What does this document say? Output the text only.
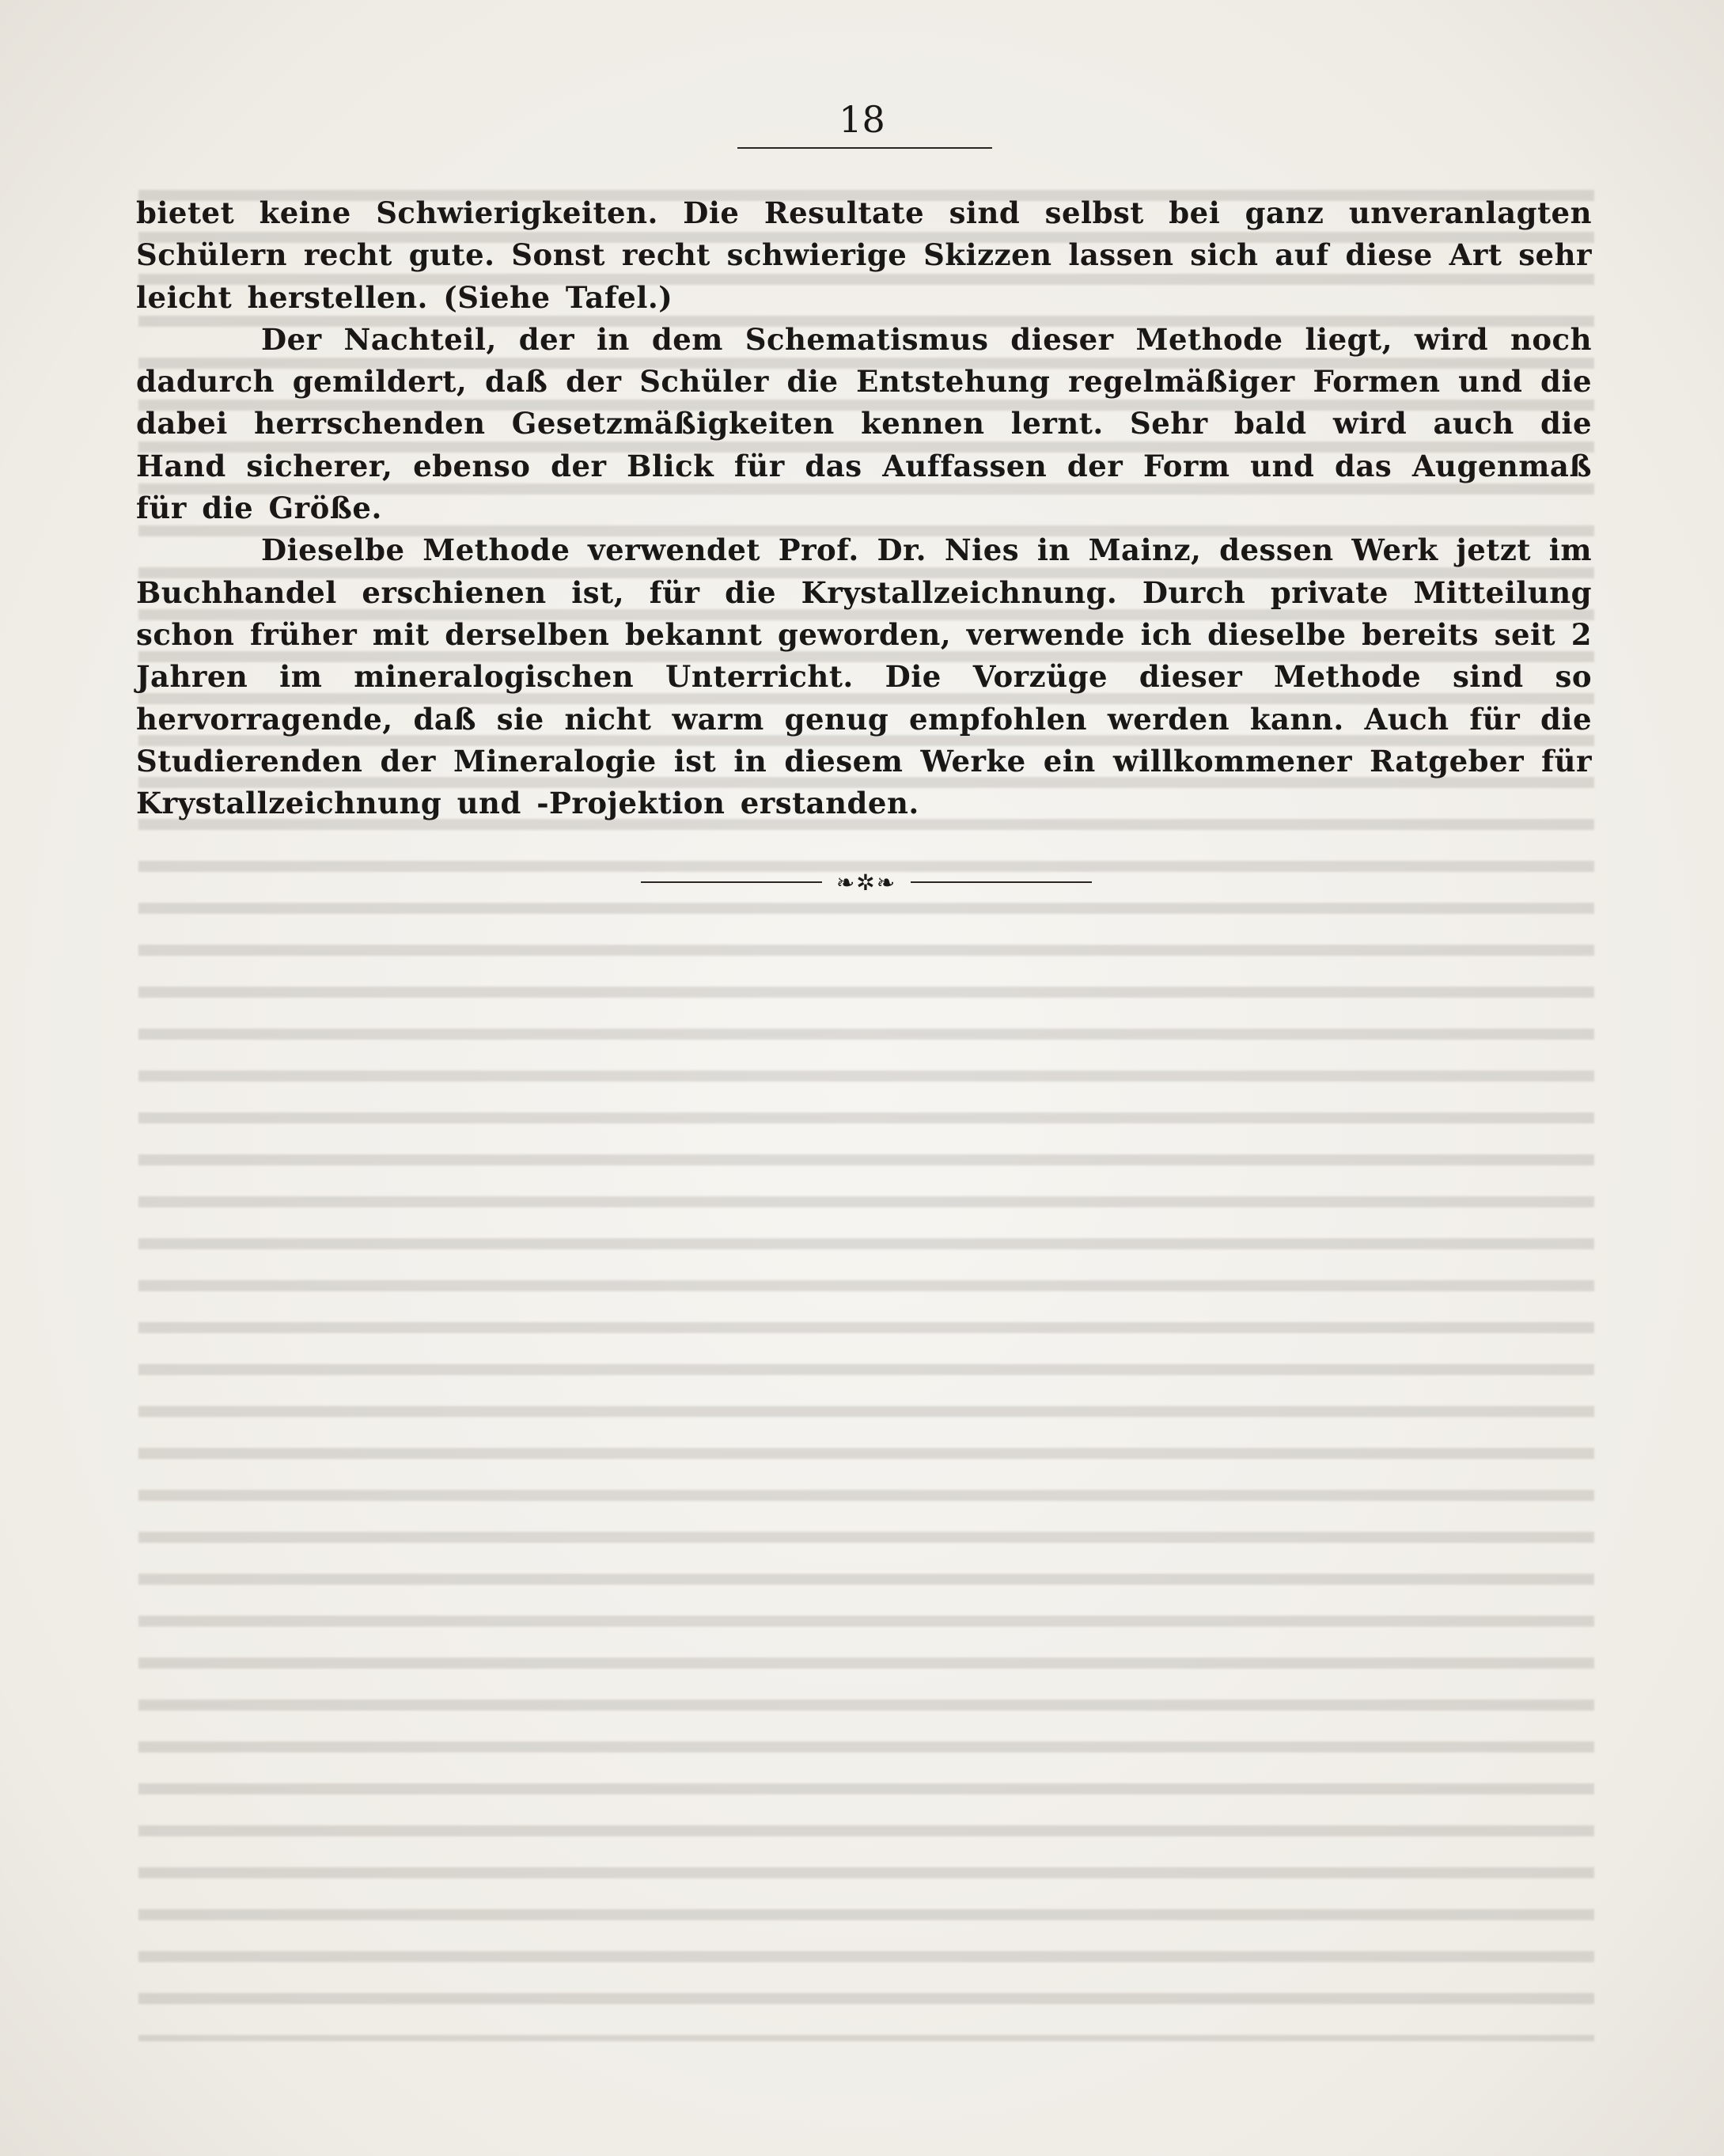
18

bietet keine Schwierigkeiten. Die Resultate sind selbst bei ganz unveranlagten Schülern recht gute. Sonst recht schwierige Skizzen lassen sich auf diese Art sehr leicht herstellen. (Siehe Tafel.)

Der Nachteil, der in dem Schematismus dieser Methode liegt, wird noch dadurch gemildert, daß der Schüler die Entstehung regelmäßiger Formen und die dabei herrschenden Gesetzmäßigkeiten kennen lernt. Sehr bald wird auch die Hand sicherer, ebenso der Blick für das Auffassen der Form und das Augenmaß für die Größe.

Dieselbe Methode verwendet Prof. Dr. Nies in Mainz, dessen Werk jetzt im Buchhandel erschienen ist, für die Krystallzeichnung. Durch private Mitteilung schon früher mit derselben bekannt geworden, verwende ich dieselbe bereits seit 2 Jahren im mineralogischen Unterricht. Die Vorzüge dieser Methode sind so hervorragende, daß sie nicht warm genug empfohlen werden kann. Auch für die Studierenden der Mineralogie ist in diesem Werke ein willkommener Ratgeber für Krystallzeichnung und -Projektion erstanden.

❧✲❧
